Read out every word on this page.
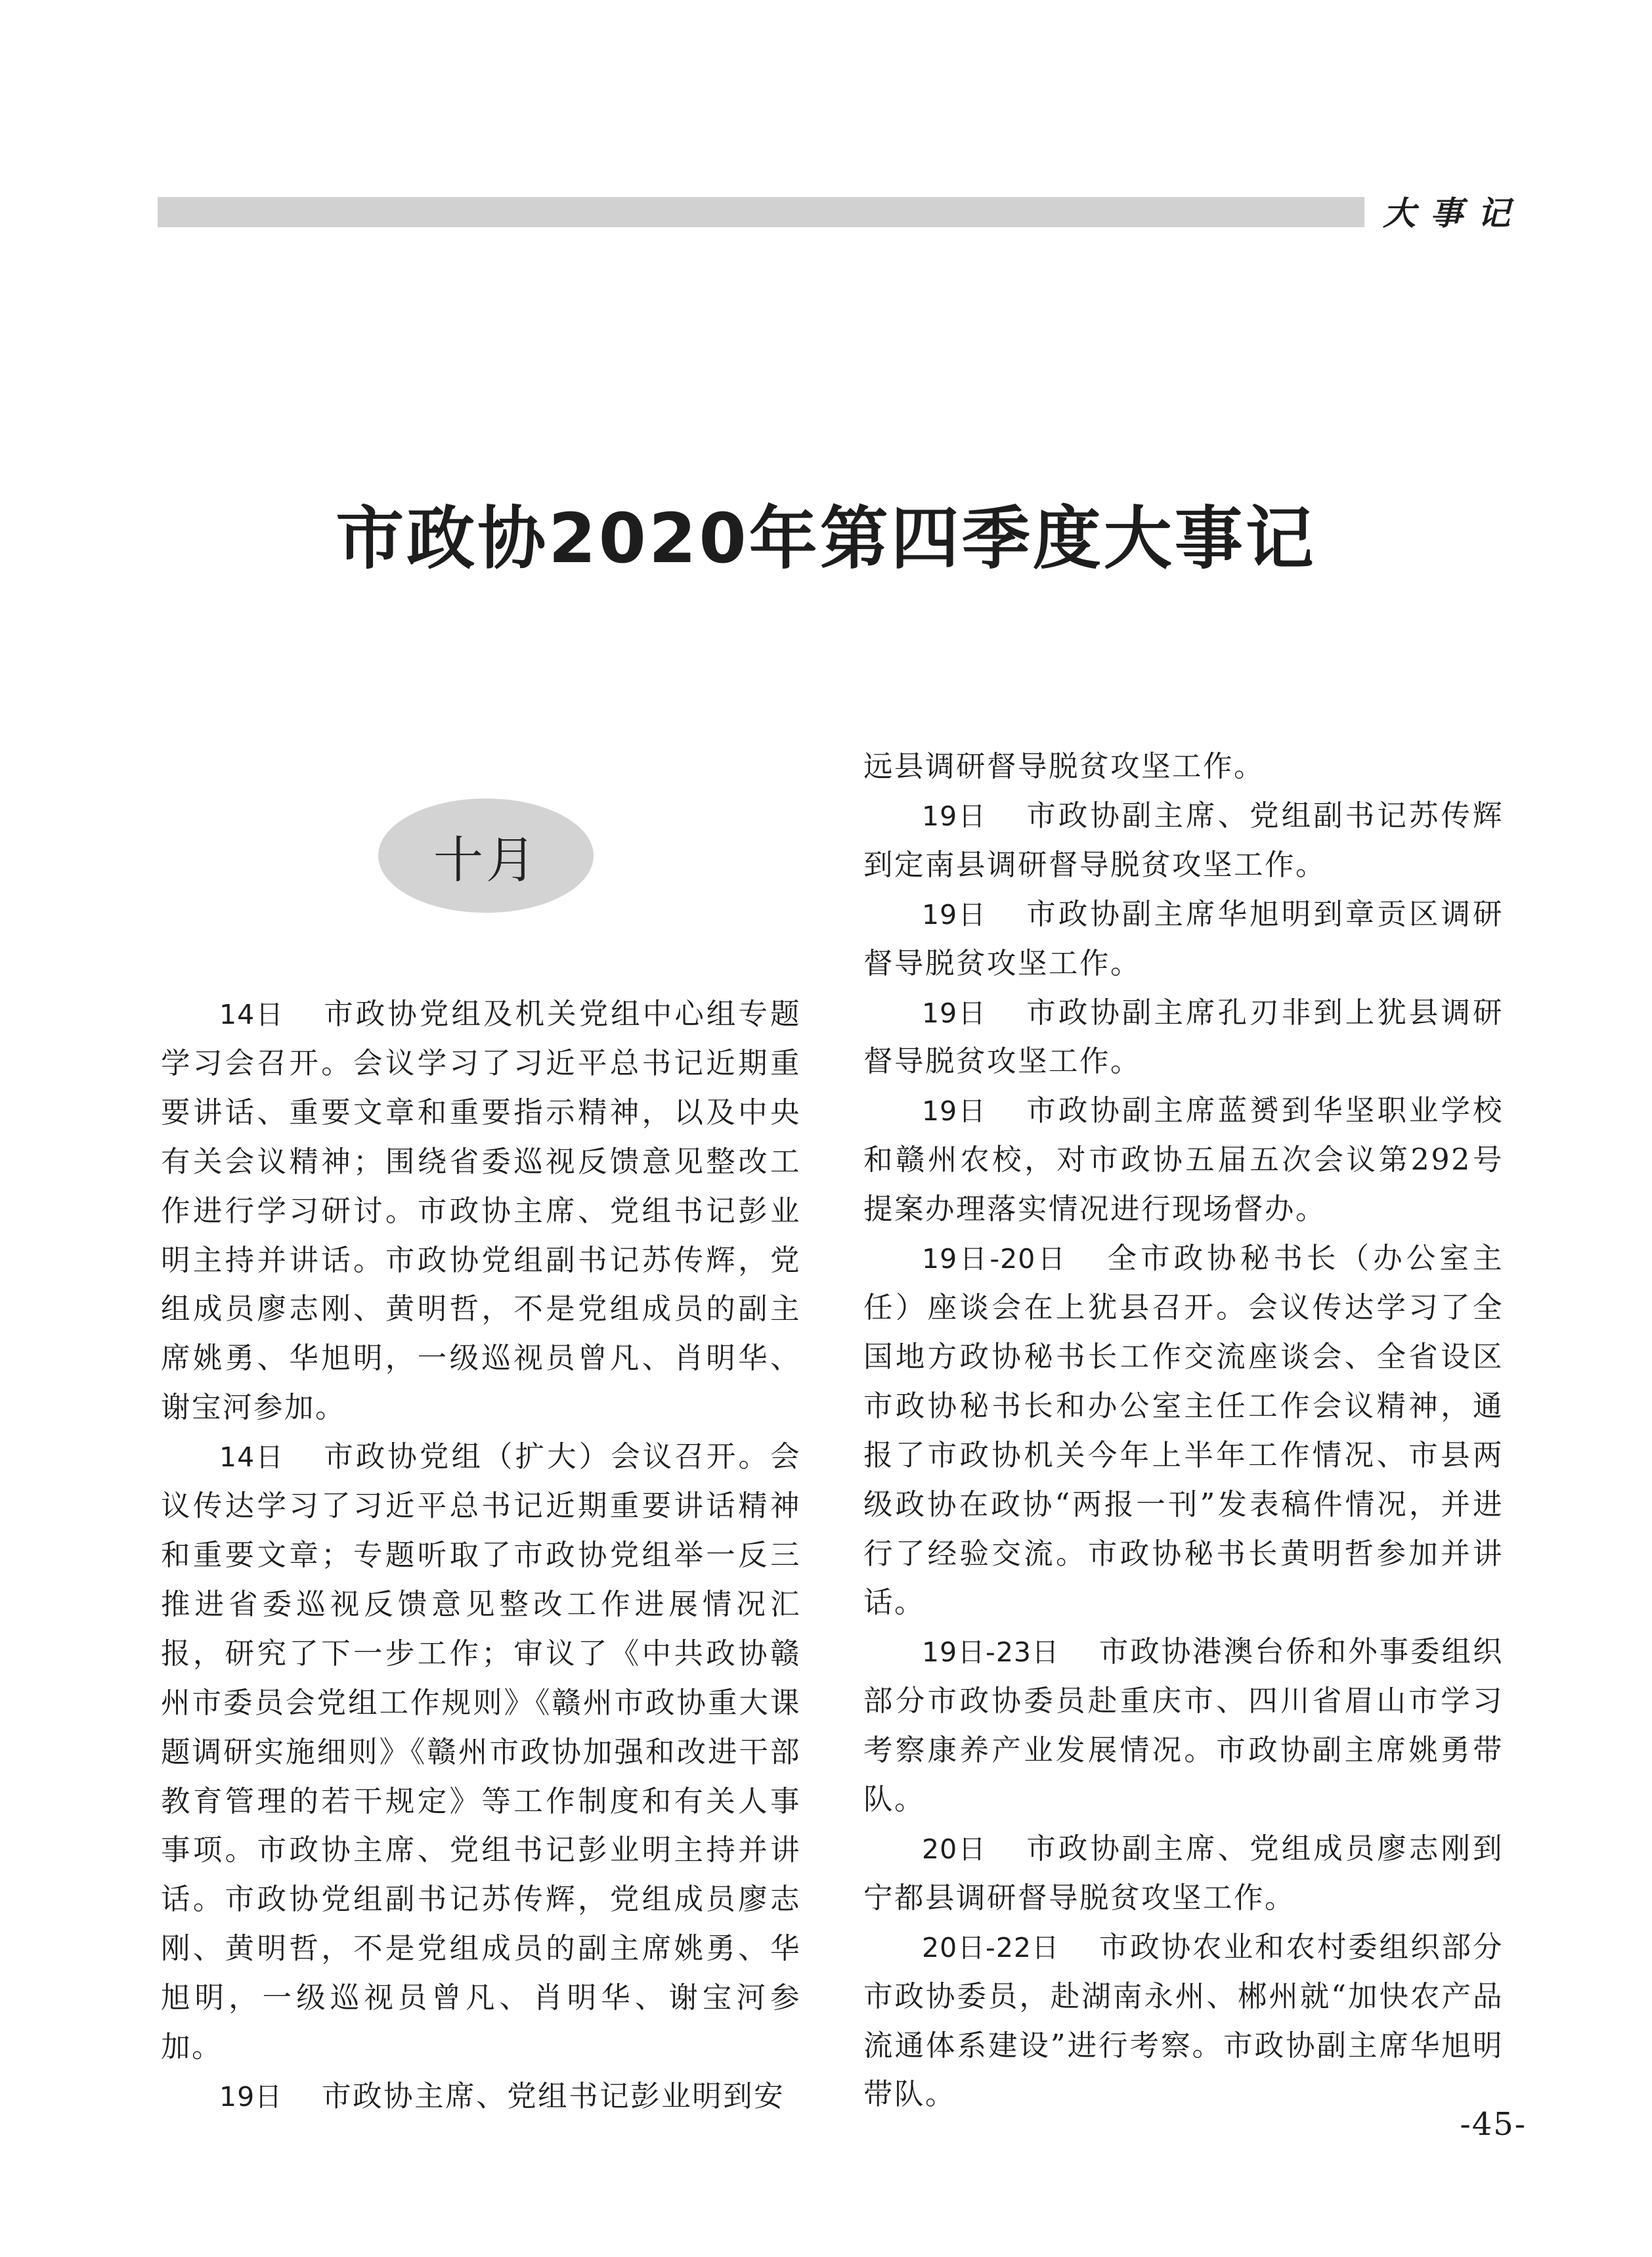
大事记
市政协2020年第四季度大事记
十月

14日 市政协党组及机关党组中心组专题学习会召开。会议学习了习近平总书记近期重要讲话、重要文章和重要指示精神，以及中央有关会议精神；围绕省委巡视反馈意见整改工作进行学习研讨。市政协主席、党组书记彭业明主持并讲话。市政协党组副书记苏传辉，党组成员廖志刚、黄明哲，不是党组成员的副主席姚勇、华旭明，一级巡视员曾凡、肖明华、谢宝河参加。

14日 市政协党组（扩大）会议召开。会议传达学习了习近平总书记近期重要讲话精神和重要文章；专题听取了市政协党组举一反三推进省委巡视反馈意见整改工作进展情况汇报，研究了下一步工作；审议了《中共政协赣州市委员会党组工作规则》《赣州市政协重大课题调研实施细则》《赣州市政协加强和改进干部教育管理的若干规定》等工作制度和有关人事事项。市政协主席、党组书记彭业明主持并讲话。市政协党组副书记苏传辉，党组成员廖志刚、黄明哲，不是党组成员的副主席姚勇、华旭明，一级巡视员曾凡、肖明华、谢宝河参加。

19日 市政协主席、党组书记彭业明到安

远县调研督导脱贫攻坚工作。

19日 市政协副主席、党组副书记苏传辉到定南县调研督导脱贫攻坚工作。

19日 市政协副主席华旭明到章贡区调研督导脱贫攻坚工作。

19日 市政协副主席孔刃非到上犹县调研督导脱贫攻坚工作。

19日 市政协副主席蓝赟到华坚职业学校和赣州农校，对市政协五届五次会议第292号提案办理落实情况进行现场督办。

19日-20日 全市政协秘书长（办公室主任）座谈会在上犹县召开。会议传达学习了全国地方政协秘书长工作交流座谈会、全省设区市政协秘书长和办公室主任工作会议精神，通报了市政协机关今年上半年工作情况、市县两级政协在政协“两报一刊”发表稿件情况，并进行了经验交流。市政协秘书长黄明哲参加并讲话。

19日-23日 市政协港澳台侨和外事委组织部分市政协委员赴重庆市、四川省眉山市学习考察康养产业发展情况。市政协副主席姚勇带队。

20日 市政协副主席、党组成员廖志刚到宁都县调研督导脱贫攻坚工作。

20日-22日 市政协农业和农村委组织部分市政协委员，赴湖南永州、郴州就“加快农产品流通体系建设”进行考察。市政协副主席华旭明带队。

-45-
